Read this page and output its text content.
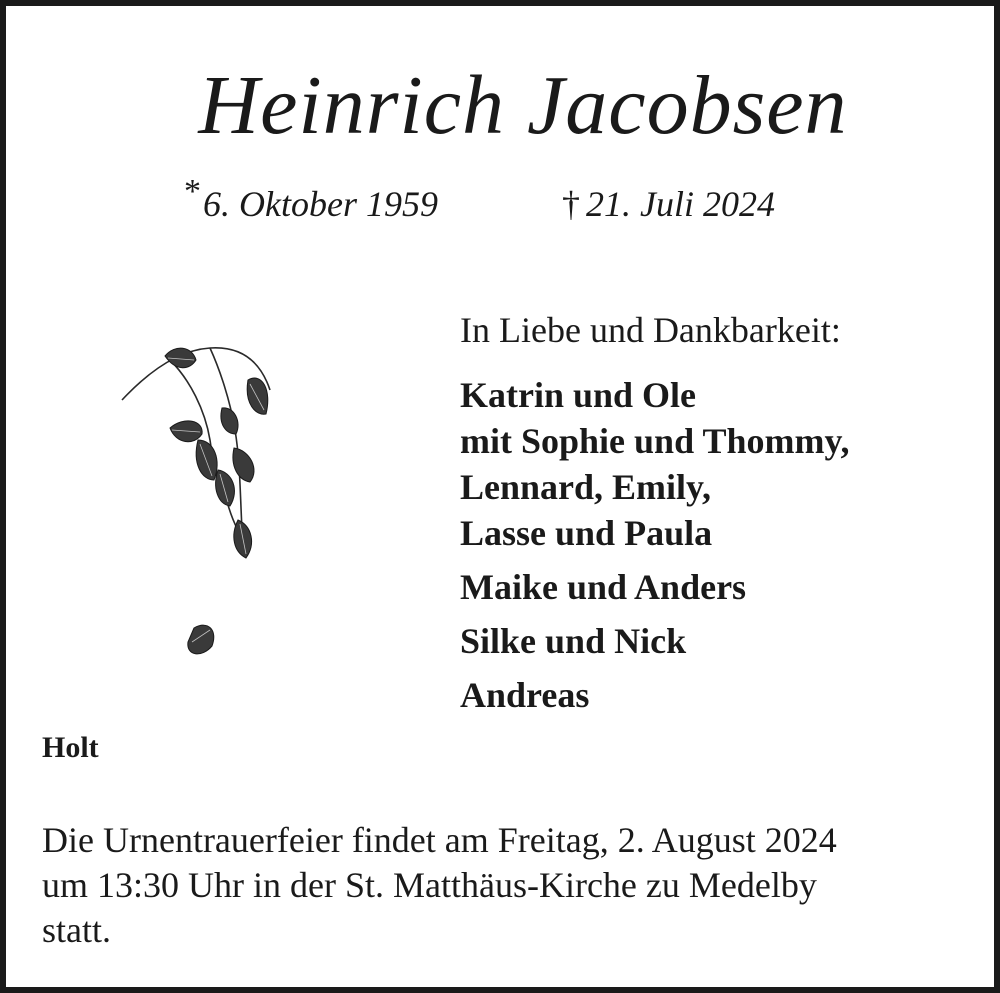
Heinrich Jacobsen
*6. Oktober 1959	† 21. Juli 2024
In Liebe und Dankbarkeit:
Katrin und Ole
mit Sophie und Thommy,
Lennard, Emily,
Lasse und Paula
Maike und Anders
Silke und Nick
Andreas
Holt
Die Urnentrauerfeier findet am Freitag, 2. August 2024
um 13:30 Uhr in der St. Matthäus-Kirche zu Medelby
statt.
